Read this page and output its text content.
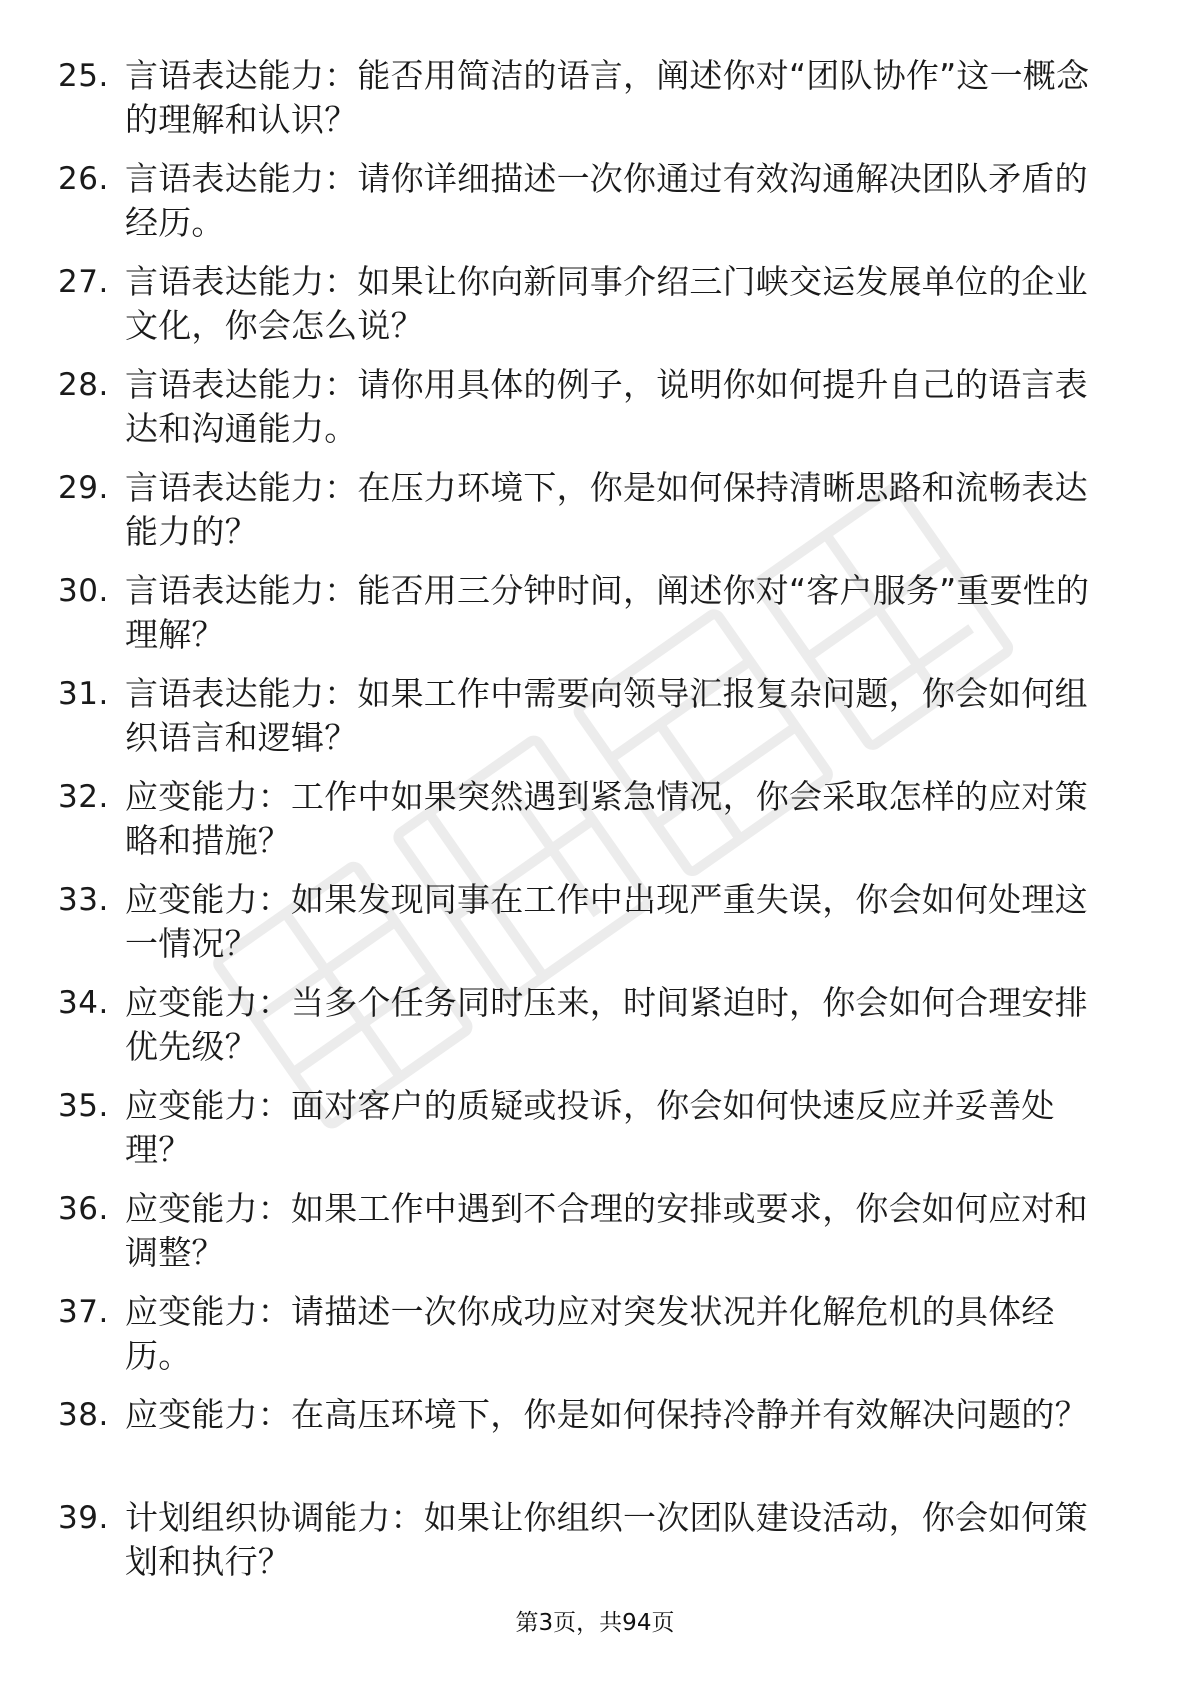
25. 言语表达能力：能否用简洁的语言，阐述你对“团队协作”这一概念的理解和认识？
26. 言语表达能力：请你详细描述一次你通过有效沟通解决团队矛盾的经历。
27. 言语表达能力：如果让你向新同事介绍三门峡交运发展单位的企业文化，你会怎么说？
28. 言语表达能力：请你用具体的例子，说明你如何提升自己的语言表达和沟通能力。
29. 言语表达能力：在压力环境下，你是如何保持清晰思路和流畅表达能力的？
30. 言语表达能力：能否用三分钟时间，阐述你对“客户服务”重要性的理解？
31. 言语表达能力：如果工作中需要向领导汇报复杂问题，你会如何组织语言和逻辑？
32. 应变能力：工作中如果突然遇到紧急情况，你会采取怎样的应对策略和措施？
33. 应变能力：如果发现同事在工作中出现严重失误，你会如何处理这一情况？
34. 应变能力：当多个任务同时压来，时间紧迫时，你会如何合理安排优先级？
35. 应变能力：面对客户的质疑或投诉，你会如何快速反应并妥善处理？
36. 应变能力：如果工作中遇到不合理的安排或要求，你会如何应对和调整？
37. 应变能力：请描述一次你成功应对突发状况并化解危机的具体经历。
38. 应变能力：在高压环境下，你是如何保持冷静并有效解决问题的？
39. 计划组织协调能力：如果让你组织一次团队建设活动，你会如何策划和执行？
第3页，共94页
